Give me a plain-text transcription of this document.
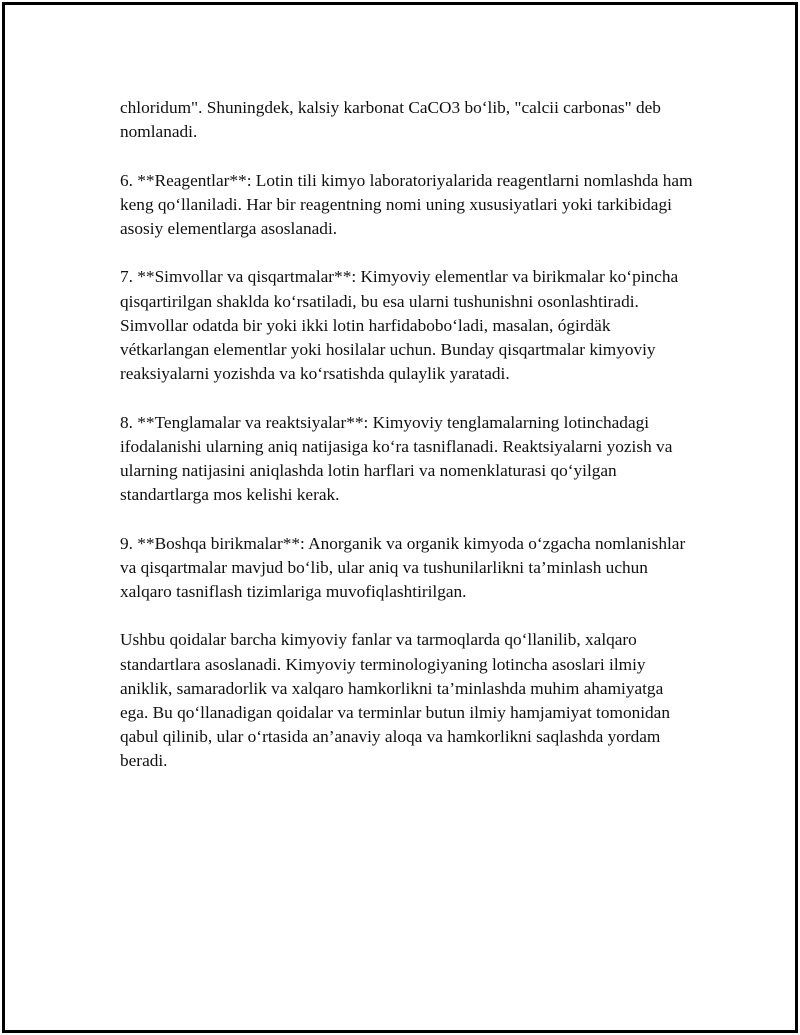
chloridum". Shuningdek, kalsiy karbonat CaCO3 bo‘lib, "calcii carbonas" deb nomlanadi.

6. **Reagentlar**: Lotin tili kimyo laboratoriyalarida reagentlarni nomlashda ham keng qo‘llaniladi. Har bir reagentning nomi uning xususiyatlari yoki tarkibidagi asosiy elementlarga asoslanadi.

7. **Simvollar va qisqartmalar**: Kimyoviy elementlar va birikmalar ko‘pincha qisqartirilgan shaklda ko‘rsatiladi, bu esa ularni tushunishni osonlashtiradi. Simvollar odatda bir yoki ikki lotin harfidabobo‘ladi, masalan, ógirdäk vétkarlangan elementlar yoki hosilalar uchun. Bunday qisqartmalar kimyoviy reaksiyalarni yozishda va ko‘rsatishda qulaylik yaratadi.

8. **Tenglamalar va reaktsiyalar**: Kimyoviy tenglamalarning lotinchadagi ifodalanishi ularning aniq natijasiga ko‘ra tasniflanadi. Reaktsiyalarni yozish va ularning natijasini aniqlashda lotin harflari va nomenklaturasi qo‘yilgan standartlarga mos kelishi kerak.

9. **Boshqa birikmalar**: Anorganik va organik kimyoda o‘zgacha nomlanishlar va qisqartmalar mavjud bo‘lib, ular aniq va tushunilarlikni ta’minlash uchun xalqaro tasniflash tizimlariga muvofiqlashtirilgan.

Ushbu qoidalar barcha kimyoviy fanlar va tarmoqlarda qo‘llanilib, xalqaro standartlara asoslanadi. Kimyoviy terminologiyaning lotincha asoslari ilmiy aniklik, samaradorlik va xalqaro hamkorlikni ta’minlashda muhim ahamiyatga ega. Bu qo‘llanadigan qoidalar va terminlar butun ilmiy hamjamiyat tomonidan qabul qilinib, ular o‘rtasida an’anaviy aloqa va hamkorlikni saqlashda yordam beradi.
